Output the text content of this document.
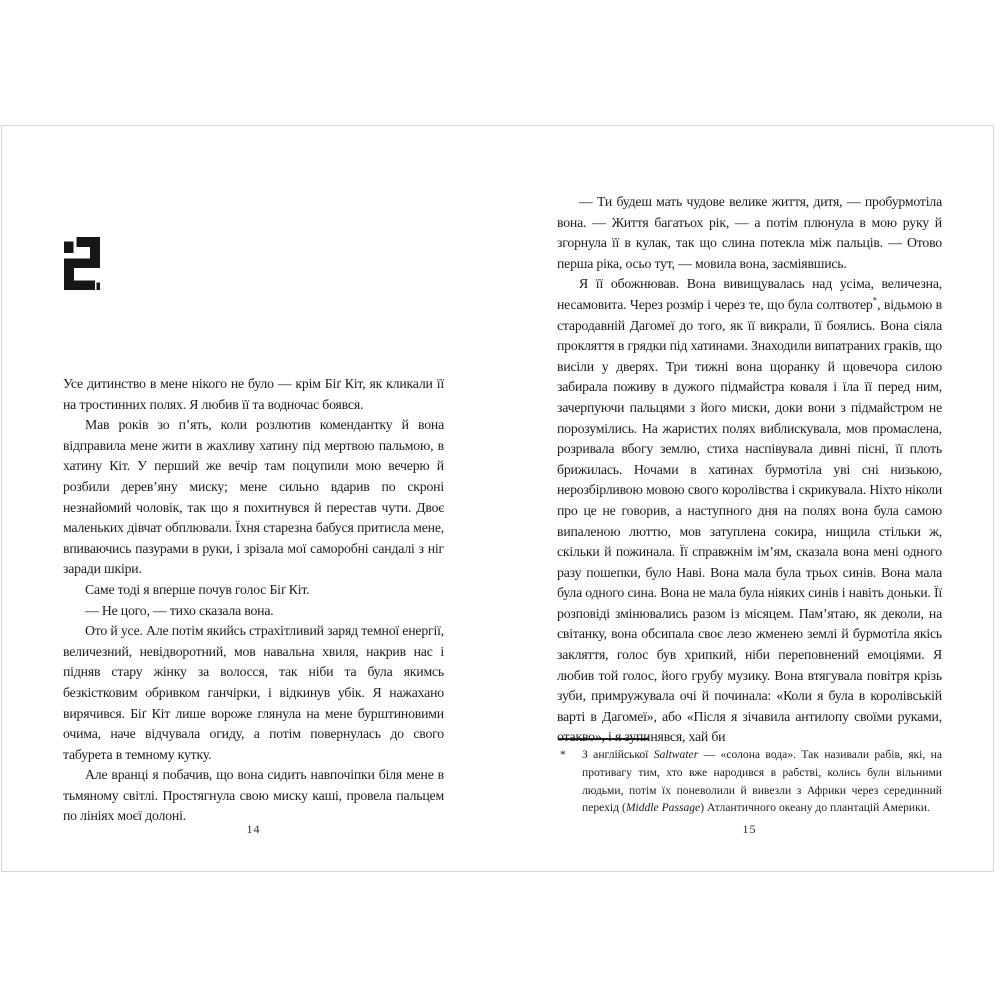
Усе дитинство в мене нікого не було — крім Біґ Кіт, як кликали її на тростинних полях. Я любив її та водночас боявся.

Мав років зо п’ять, коли розлютив комендантку й вона відправила мене жити в жахливу хатину під мертвою пальмою, в хатину Кіт. У перший же вечір там поцупили мою вечерю й розбили дерев’яну миску; мене сильно вдарив по скроні незнайомий чоловік, так що я похитнувся й перестав чути. Двоє маленьких дівчат обплювали. Їхня старезна бабуся притисла мене, впиваючись пазурами в руки, і зрізала мої саморобні сандалі з ніг заради шкіри.

Саме тоді я вперше почув голос Біґ Кіт.

— Не цого, — тихо сказала вона.

Ото й усе. Але потім якийсь страхітливий заряд темної енергії, величезний, невідворотний, мов навальна хвиля, накрив нас і підняв стару жінку за волосся, так ніби та була якимсь безкістковим обривком ганчірки, і відкинув убік. Я нажахано вирячився. Біґ Кіт лише вороже глянула на мене бурштиновими очима, наче відчувала огиду, а потім повернулась до свого табурета в темному кутку.

Але вранці я побачив, що вона сидить навпочіпки біля мене в тьмяному світлі. Простягнула свою миску каші, провела пальцем по лініях моєї долоні.

14

— Ти будеш мать чудове велике життя, дитя, — пробурмотіла вона. — Життя багатьох рік, — а потім плюнула в мою руку й згорнула її в кулак, так що слина потекла між пальців. — Отово перша ріка, осьо тут, — мовила вона, засміявшись.

Я її обожнював. Вона вивищувалась над усіма, величезна, несамовита. Через розмір і через те, що була солтвотер*, відьмою в стародавній Дагомеї до того, як її викрали, її боялись. Вона сіяла прокляття в грядки під хатинами. Знаходили випатраних граків, що висіли у дверях. Три тижні вона щоранку й щовечора силою забирала поживу в дужого підмайстра коваля і їла її перед ним, зачерпуючи пальцями з його миски, доки вони з підмайстром не порозумілись. На жаристих полях виблискувала, мов промаслена, розривала вбогу землю, стиха наспівувала дивні пісні, її плоть брижилась. Ночами в хатинах бурмотіла уві сні низькою, нерозбірливою мовою свого королівства і скрикувала. Ніхто ніколи про це не говорив, а наступного дня на полях вона була самою випаленою люттю, мов затуплена сокира, нищила стільки ж, скільки й пожинала. Її справжнім ім’ям, сказала вона мені одного разу пошепки, було Наві. Вона мала була трьох синів. Вона мала була одного сина. Вона не мала була ніяких синів і навіть доньки. Її розповіді змінювались разом із місяцем. Пам’ятаю, як деколи, на світанку, вона обсипала своє лезо жменею землі й бурмотіла якісь закляття, голос був хрипкий, ніби переповнений емоціями. Я любив той голос, його грубу музику. Вона втягувала повітря крізь зуби, примружувала очі й починала: «Коли я була в королівській варті в Дагомеї», або «Після я зічавила антилопу своїми руками, отакво», і я зупинявся, хай би

* З англійської Saltwater — «солона вода». Так називали рабів, які, на противагу тим, хто вже народився в рабстві, колись були вільними людьми, потім їх поневолили й вивезли з Африки через серединний перехід (Middle Passage) Атлантичного океану до плантацій Америки.
15
